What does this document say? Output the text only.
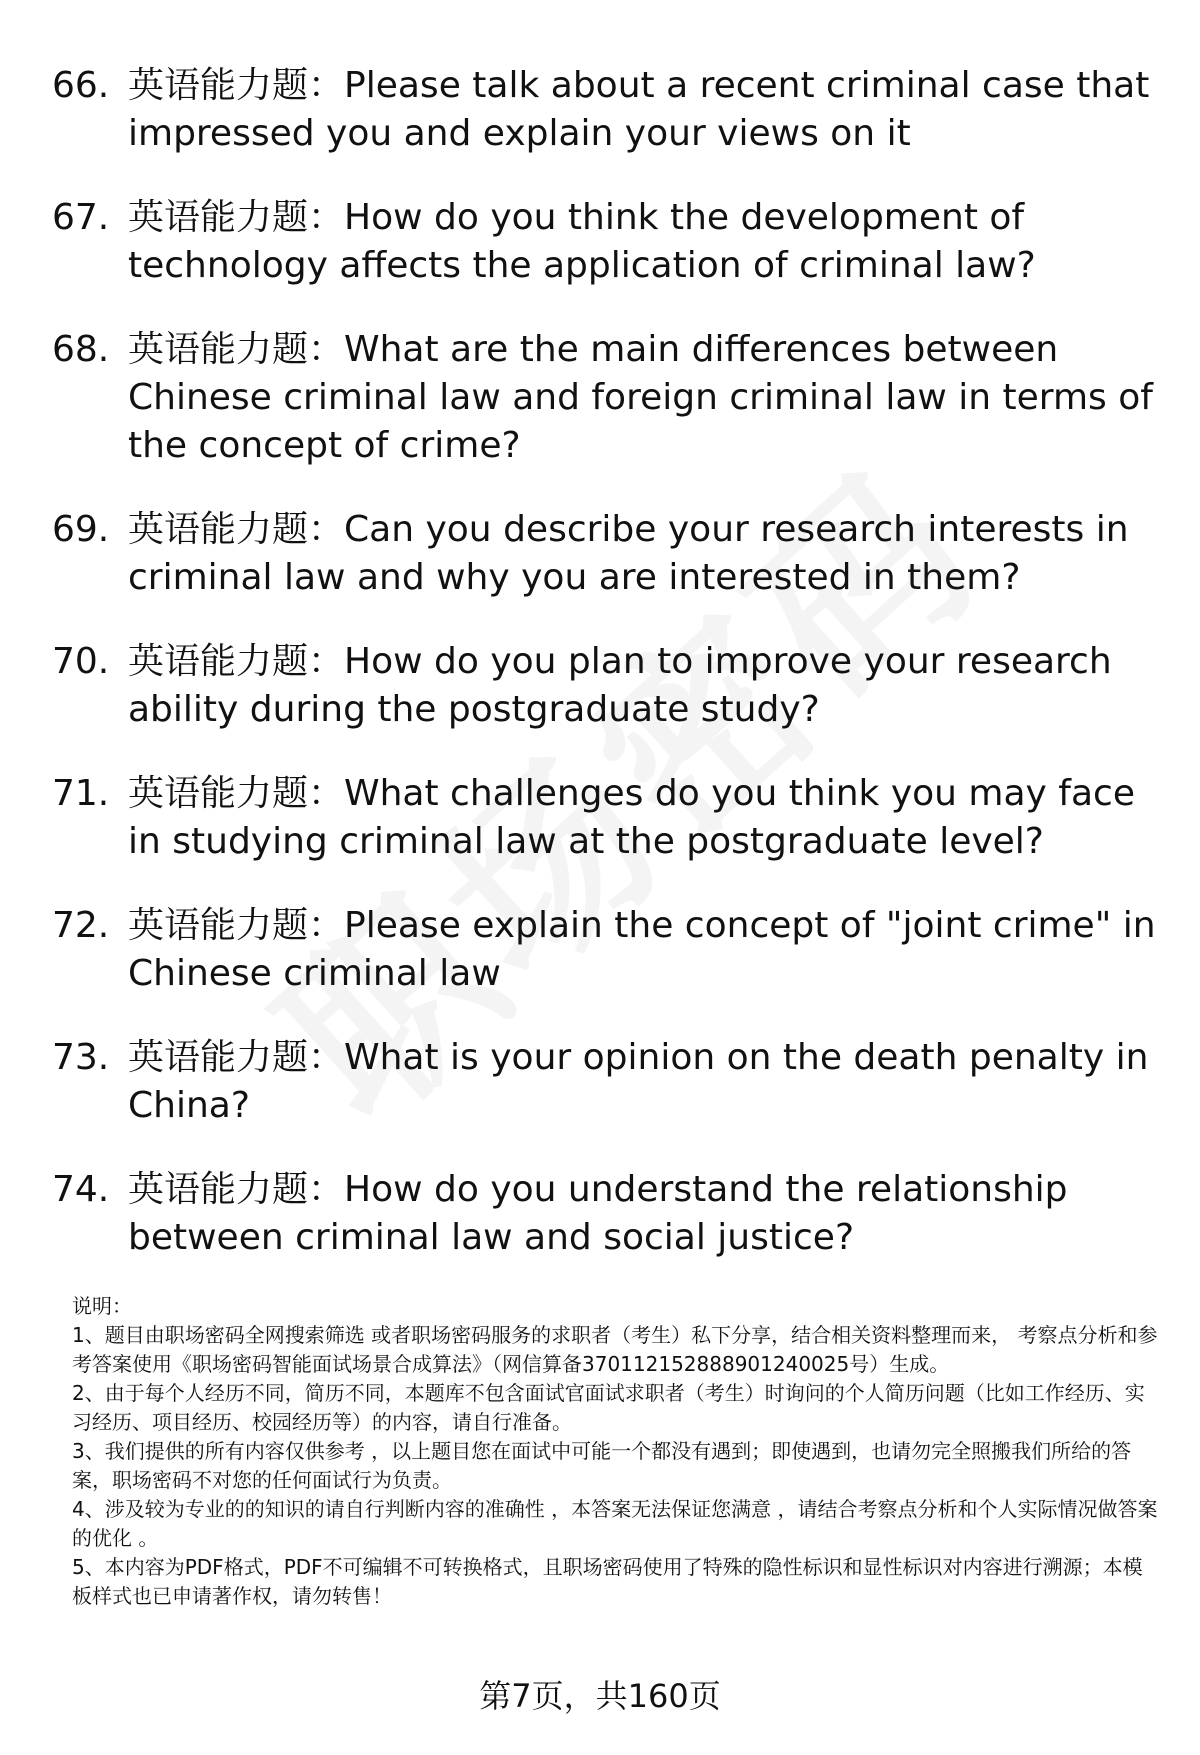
66. 英语能力题：Please talk about a recent criminal case that impressed you and explain your views on it
67. 英语能力题：How do you think the development of technology affects the application of criminal law?
68. 英语能力题：What are the main differences between Chinese criminal law and foreign criminal law in terms of the concept of crime?
69. 英语能力题：Can you describe your research interests in criminal law and why you are interested in them?
70. 英语能力题：How do you plan to improve your research ability during the postgraduate study?
71. 英语能力题：What challenges do you think you may face in studying criminal law at the postgraduate level?
72. 英语能力题：Please explain the concept of "joint crime" in Chinese criminal law
73. 英语能力题：What is your opinion on the death penalty in China?
74. 英语能力题：How do you understand the relationship between criminal law and social justice?

说明：

1、题目由职场密码全网搜索筛选 或者职场密码服务的求职者（考生）私下分享，结合相关资料整理而来， 考察点分析和参考答案使用《职场密码智能面试场景合成算法》（网信算备370112152888901240025号）生成。

2、由于每个人经历不同，简历不同，本题库不包含面试官面试求职者（考生）时询问的个人简历问题（比如工作经历、实习经历、项目经历、校园经历等）的内容，请自行准备。

3、我们提供的所有内容仅供参考 ，以上题目您在面试中可能一个都没有遇到；即使遇到，也请勿完全照搬我们所给的答案，职场密码不对您的任何面试行为负责。

4、涉及较为专业的的知识的请自行判断内容的准确性 ，本答案无法保证您满意 ，请结合考察点分析和个人实际情况做答案的优化 。

5、本内容为PDF格式，PDF不可编辑不可转换格式，且职场密码使用了特殊的隐性标识和显性标识对内容进行溯源；本模板样式也已申请著作权，请勿转售！

第7页，共160页
